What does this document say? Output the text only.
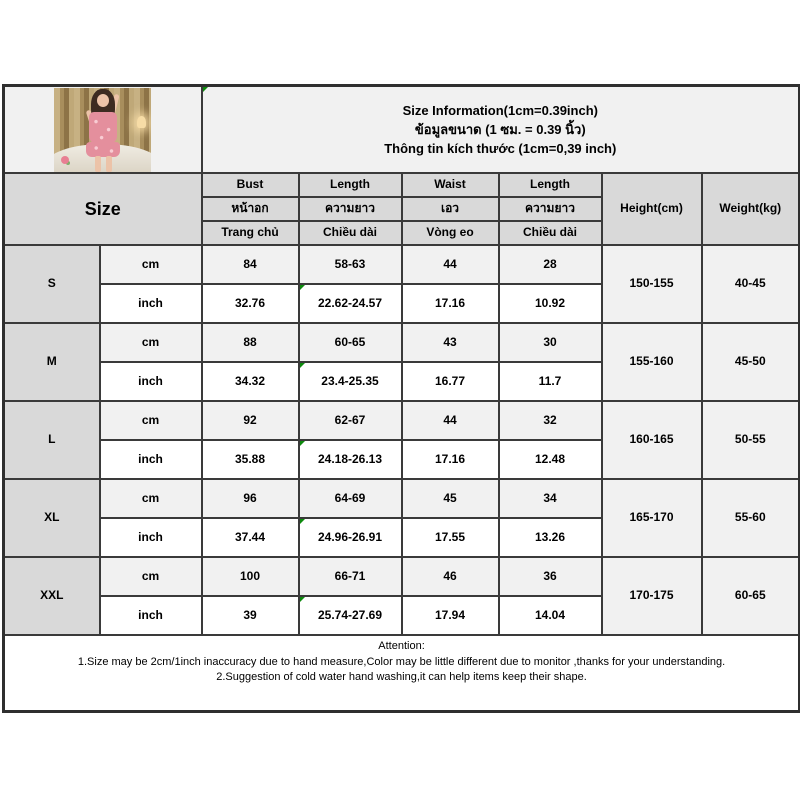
		Size Information(1cm=0.39inch)
ข้อมูลขนาด (1 ซม. = 0.39 นิ้ว)
Thông tin kích thước (1cm=0,39 inch)					

Size		Bust	Length	Waist	Length	Height(cm)	Weight(kg)
		หน้าอก	ความยาว	เอว	ความยาว		
		Trang chủ	Chiều dài	Vòng eo	Chiều dài		
S	cm	84	58-63	44	28	150-155	40-45
	inch	32.76	22.62-24.57	17.16	10.92		
M	cm	88	60-65	43	30	155-160	45-50
	inch	34.32	23.4-25.35	16.77	11.7		
L	cm	92	62-67	44	32	160-165	50-55
	inch	35.88	24.18-26.13	17.16	12.48		
XL	cm	96	64-69	45	34	165-170	55-60
	inch	37.44	24.96-26.91	17.55	13.26		
XXL	cm	100	66-71	46	36	170-175	60-65
	inch	39	25.74-27.69	17.94	14.04		

Attention:
1.Size may be 2cm/1inch inaccuracy due to hand measure,Color may be little different due to monitor ,thanks for your understanding.
2.Suggestion of cold water hand washing,it can help items keep their shape.							
